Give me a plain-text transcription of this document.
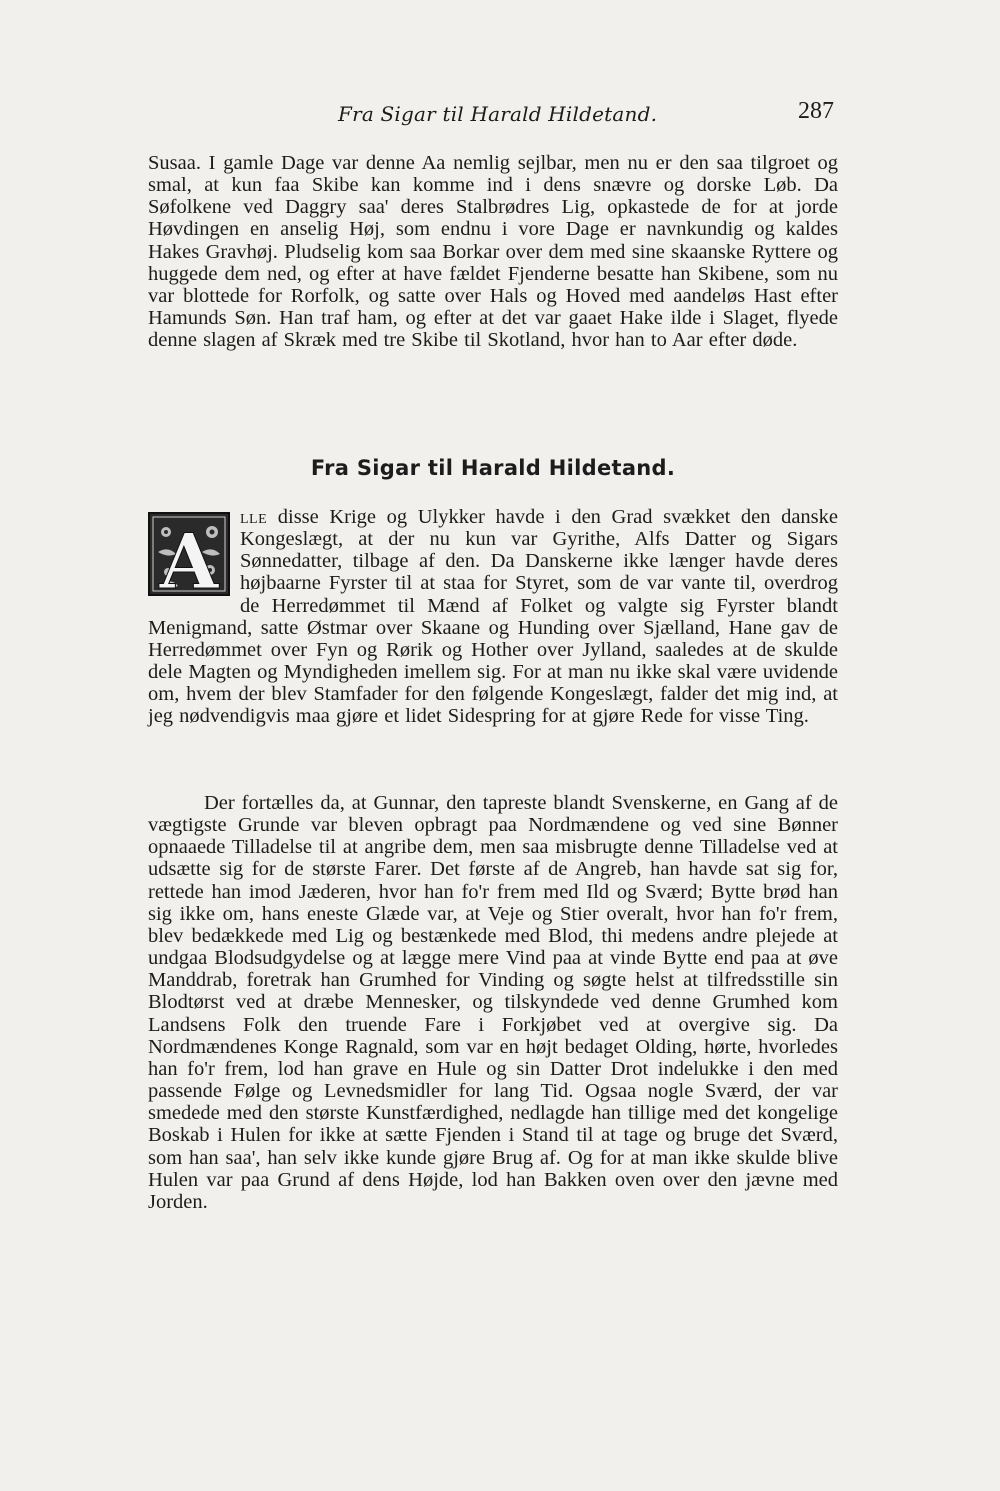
Fra Sigar til Harald Hildetand.	287

Susaa. I gamle Dage var denne Aa nemlig sejlbar, men nu er den saa tilgroet og smal, at kun faa Skibe kan komme ind i dens snævre og dorske Løb. Da Søfolkene ved Daggry saa' deres Stalbrødres Lig, opkastede de for at jorde Høvdingen en anselig Høj, som endnu i vore Dage er navnkundig og kaldes Hakes Gravhøj. Pludselig kom saa Borkar over dem med sine skaanske Ryttere og huggede dem ned, og efter at have fældet Fjenderne besatte han Skibene, som nu var blottede for Rorfolk, og satte over Hals og Hoved med aandeløs Hast efter Hamunds Søn. Han traf ham, og efter at det var gaaet Hake ilde i Slaget, flyede denne slagen af Skræk med tre Skibe til Skotland, hvor han to Aar efter døde.

Fra Sigar til Harald Hildetand.

A lle disse Krige og Ulykker havde i den Grad svækket den danske Kongeslægt, at der nu kun var Gyrithe, Alfs Datter og Sigars Sønnedatter, tilbage af den. Da Danskerne ikke længer havde deres højbaarne Fyrster til at staa for Styret, som de var vante til, overdrog de Herredømmet til Mænd af Folket og valgte sig Fyrster blandt Menigmand, satte Østmar over Skaane og Hunding over Sjælland, Hane gav de Herredømmet over Fyn og Rørik og Hother over Jylland, saaledes at de skulde dele Magten og Myndigheden imellem sig. For at man nu ikke skal være uvidende om, hvem der blev Stamfader for den følgende Kongeslægt, falder det mig ind, at jeg nødvendigvis maa gjøre et lidet Sidespring for at gjøre Rede for visse Ting.

Der fortælles da, at Gunnar, den tapreste blandt Svenskerne, en Gang af de vægtigste Grunde var bleven opbragt paa Nordmændene og ved sine Bønner opnaaede Tilladelse til at angribe dem, men saa misbrugte denne Tilladelse ved at udsætte sig for de største Farer. Det første af de Angreb, han havde sat sig for, rettede han imod Jæderen, hvor han fo'r frem med Ild og Sværd; Bytte brød han sig ikke om, hans eneste Glæde var, at Veje og Stier overalt, hvor han fo'r frem, blev bedækkede med Lig og bestænkede med Blod, thi medens andre plejede at undgaa Blodsudgydelse og at lægge mere Vind paa at vinde Bytte end paa at øve Manddrab, foretrak han Grumhed for Vinding og søgte helst at tilfredsstille sin Blodtørst ved at dræbe Mennesker, og tilskyndede ved denne Grumhed kom Landsens Folk den truende Fare i Forkjøbet ved at overgive sig. Da Nordmændenes Konge Ragnald, som var en højt bedaget Olding, hørte, hvorledes han fo'r frem, lod han grave en Hule og sin Datter Drot indelukke i den med passende Følge og Levnedsmidler for lang Tid. Ogsaa nogle Sværd, der var smedede med den største Kunstfærdighed, nedlagde han tillige med det kongelige Boskab i Hulen for ikke at sætte Fjenden i Stand til at tage og bruge det Sværd, som han saa', han selv ikke kunde gjøre Brug af. Og for at man ikke skulde blive Hulen var paa Grund af dens Højde, lod han Bakken oven over den jævne med Jorden.
